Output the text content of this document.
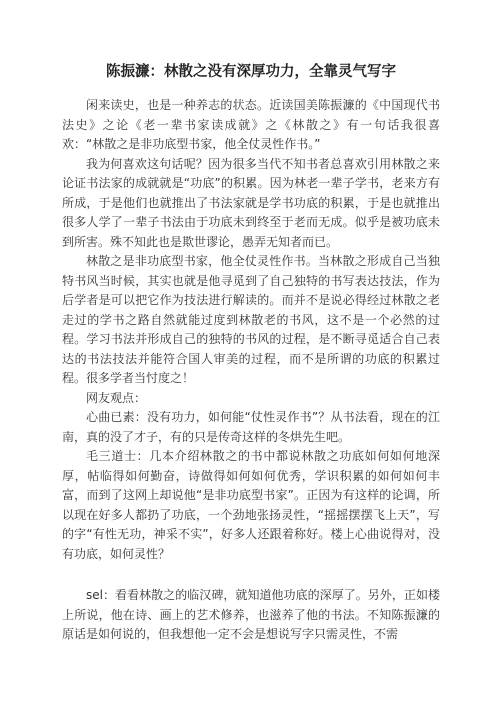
陈振濂：林散之没有深厚功力，全靠灵气写字

闲来读史，也是一种养志的状态。近读国美陈振濂的《中国现代书法史》之论《老一辈书家读成就》之《林散之》有一句话我很喜欢：“林散之是非功底型书家，他全仗灵性作书。”

我为何喜欢这句话呢？因为很多当代不知书者总喜欢引用林散之来论证书法家的成就就是“功底”的积累。因为林老一辈子学书，老来方有所成，于是他们也就推出了书法家就是学书功底的积累，于是也就推出很多人学了一辈子书法由于功底未到终至于老而无成。似乎是被功底未到所害。殊不知此也是欺世谬论，愚弄无知者而已。

林散之是非功底型书家，他全仗灵性作书。当林散之形成自己当独特书风当时候，其实也就是他寻觅到了自己独特的书写表达技法，作为后学者是可以把它作为技法进行解读的。而并不是说必得经过林散之老走过的学书之路自然就能过度到林散老的书风，这不是一个必然的过程。学习书法并形成自己的独特的书风的过程，是不断寻觅适合自己表达的书法技法并能符合国人审美的过程，而不是所谓的功底的积累过程。很多学者当忖度之！

网友观点：

心曲已素：没有功力，如何能“仗性灵作书”？从书法看，现在的江南，真的没了才子，有的只是传奇这样的冬烘先生吧。

毛三道士：几本介绍林散之的书中都说林散之功底如何如何地深厚，帖临得如何勤奋，诗做得如何如何优秀，学识积累的如何如何丰富，而到了这网上却说他“是非功底型书家”。正因为有这样的论调，所以现在好多人都扔了功底，一个劲地张扬灵性，“摇摇摆摆飞上天”，写的字“有性无功，神采不实”，好多人还跟着称好。楼上心曲说得对，没有功底，如何灵性？

sel：看看林散之的临汉碑，就知道他功底的深厚了。另外，正如楼上所说，他在诗、画上的艺术修养，也滋养了他的书法。不知陈振濂的原话是如何说的，但我想他一定不会是想说写字只需灵性，不需
